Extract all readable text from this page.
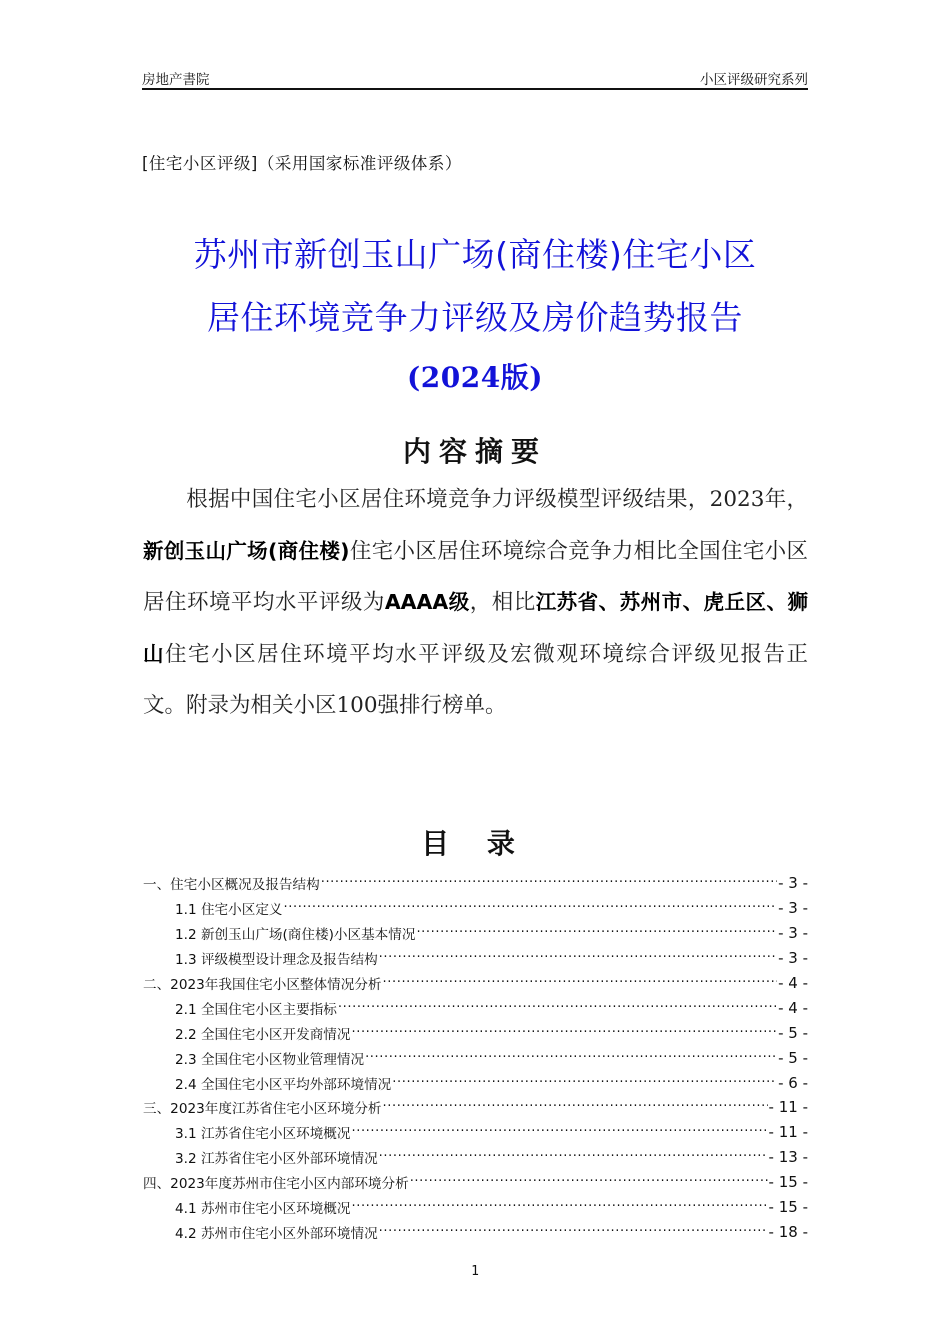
房地产書院	小区评级研究系列
[住宅小区评级]（采用国家标准评级体系）
苏州市新创玉山广场(商住楼)住宅小区
居住环境竞争力评级及房价趋势报告
(2024版)
内容摘要
根据中国住宅小区居住环境竞争力评级模型评级结果，2023年，新创玉山广场(商住楼)住宅小区居住环境综合竞争力相比全国住宅小区居住环境平均水平评级为AAAA级，相比江苏省、苏州市、虎丘区、狮山住宅小区居住环境平均水平评级及宏微观环境综合评级见报告正文。附录为相关小区100强排行榜单。
目 录
一、住宅小区概况及报告结构 .....	- 3 -
1.1 住宅小区定义 .....	- 3 -
1.2 新创玉山广场(商住楼)小区基本情况 .....	- 3 -
1.3 评级模型设计理念及报告结构 .....	- 3 -
二、2023年我国住宅小区整体情况分析 .....	- 4 -
2.1 全国住宅小区主要指标 .....	- 4 -
2.2 全国住宅小区开发商情况 .....	- 5 -
2.3 全国住宅小区物业管理情况 .....	- 5 -
2.4 全国住宅小区平均外部环境情况 .....	- 6 -
三、2023年度江苏省住宅小区环境分析 .....	- 11 -
3.1 江苏省住宅小区环境概况 .....	- 11 -
3.2 江苏省住宅小区外部环境情况 .....	- 13 -
四、2023年度苏州市住宅小区内部环境分析 .....	- 15 -
4.1 苏州市住宅小区环境概况 .....	- 15 -
4.2 苏州市住宅小区外部环境情况 .....	- 18 -
1
